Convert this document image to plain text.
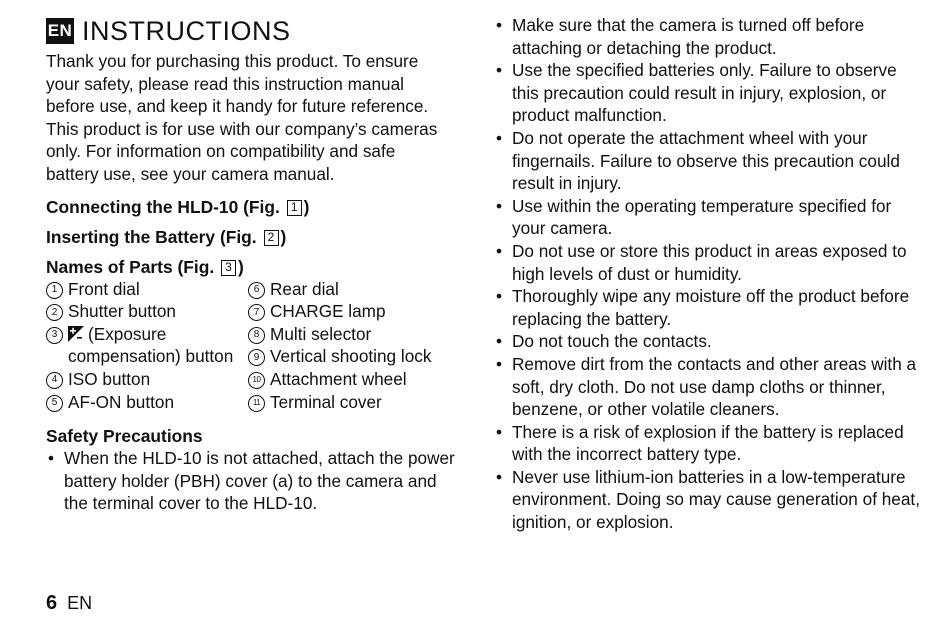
EN INSTRUCTIONS
Thank you for purchasing this product. To ensure your safety, please read this instruction manual before use, and keep it handy for future reference. This product is for use with our company’s cameras only. For information on compatibility and safe battery use, see your camera manual.
Connecting the HLD-10 (Fig. 1 )
Inserting the Battery (Fig. 2 )
Names of Parts (Fig. 3 )
1 Front dial
2 Shutter button
3	(Exposure compensation) button
4 ISO button
5 AF-ON button
6 Rear dial
7 CHARGE lamp
8 Multi selector
9 Vertical shooting lock
10 Attachment wheel
11 Terminal cover
Safety Precautions
• When the HLD-10 is not attached, attach the power battery holder (PBH) cover (a) to the camera and the terminal cover to the HLD-10.
• Make sure that the camera is turned off before attaching or detaching the product.
• Use the specified batteries only. Failure to observe this precaution could result in injury, explosion, or product malfunction.
• Do not operate the attachment wheel with your fingernails. Failure to observe this precaution could result in injury.
• Use within the operating temperature specified for your camera.
• Do not use or store this product in areas exposed to high levels of dust or humidity.
• Thoroughly wipe any moisture off the product before replacing the battery.
• Do not touch the contacts.
• Remove dirt from the contacts and other areas with a soft, dry cloth. Do not use damp cloths or thinner, benzene, or other volatile cleaners.
• There is a risk of explosion if the battery is replaced with the incorrect battery type.
• Never use lithium-ion batteries in a low-temperature environment. Doing so may cause generation of heat, ignition, or explosion.
6 EN
